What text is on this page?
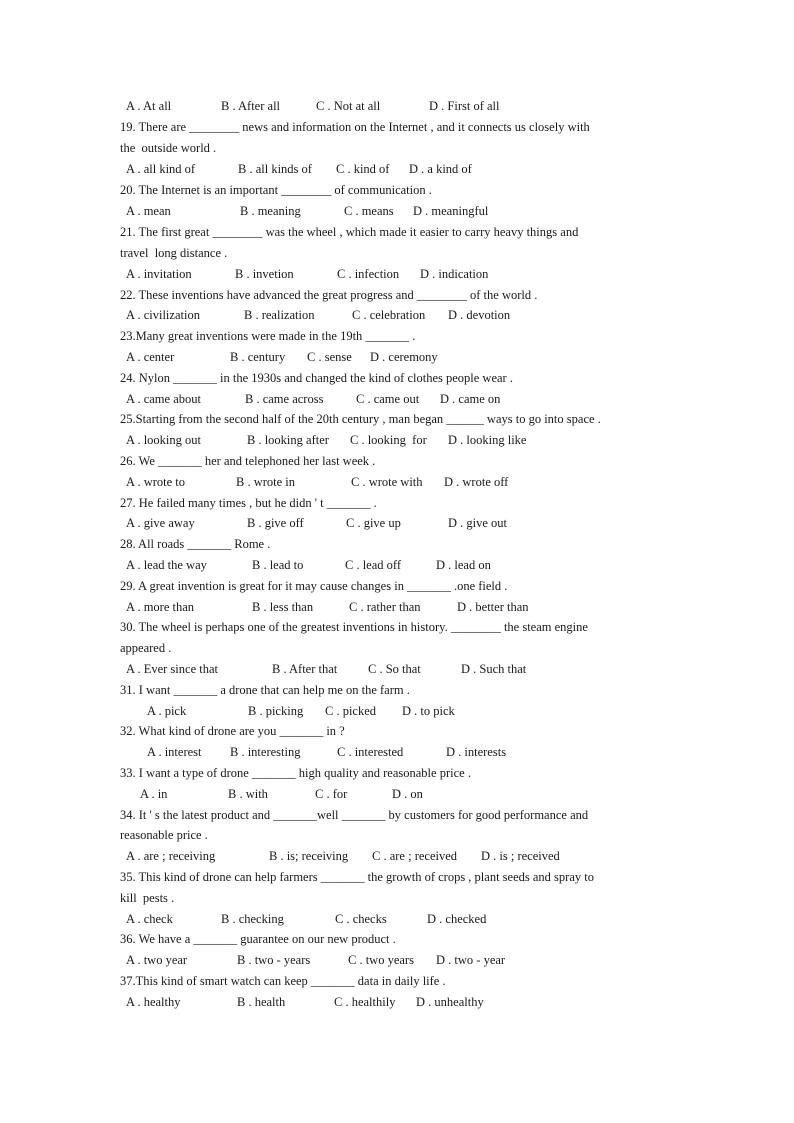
A . At all

	B . After all

	C . Not at all

	D . First of all

19. There are ________ news and information on the Internet , and it connects us closely with
the  outside world .

A . all kind of

	B . all kinds of

C . kind of

D . a kind of

20. The Internet is an important ________ of communication .

A . mean

	B . meaning

	C . means

D . meaningful

21. The first great ________ was the wheel , which made it easier to carry heavy things and
travel  long distance .

A . invitation

	B . invetion

	C . infection

D . indication

22. These inventions have advanced the great progress and ________ of the world .

A . civilization

	B . realization

	C . celebration

D . devotion

23.Many great inventions were made in the 19th _______ .

A . center

	B . century

C . sense

D . ceremony

24. Nylon _______ in the 1930s and changed the kind of clothes people wear .

A . came about

	B . came across

	C . came out

D . came on

25.Starting from the second half of the 20th century , man began ______ ways to go into space .

A . looking out

	B . looking after

C . looking  for

D . looking like

26. We _______ her and telephoned her last week .

A . wrote to

	B . wrote in

	C . wrote with

D . wrote off

27. He failed many times , but he didn ' t _______ .

A . give away

	B . give off

	C . give up

	D . give out

28. All roads _______ Rome .

A . lead the way

	B . lead to

	C . lead off

	D . lead on

29. A great invention is great for it may cause changes in _______ .one field .

A . more than

	B . less than

	C . rather than

	D . better than

30. The wheel is perhaps one of the greatest inventions in history. ________ the steam engine
appeared .

A . Ever since that

	B . After that

C . So that

	D . Such that

31. I want _______ a drone that can help me on the farm .

A . pick

	B . picking

C . picked

D . to pick

32. What kind of drone are you _______ in ?

A . interest

B . interesting

	C . interested

	D . interests

33. I want a type of drone _______ high quality and reasonable price .

A . in

	B . with

	C . for

	D . on

34. It ' s the latest product and _______well _______ by customers for good performance and
reasonable price .

A . are ; receiving

	B . is; receiving

C . are ; received

D . is ; received

35. This kind of drone can help farmers _______ the growth of crops , plant seeds and spray to
kill  pests .

A . check

	B . checking

	C . checks

	D . checked

36. We have a _______ guarantee on our new product .

A . two year

	B . two - years

	C . two years

D . two - year

37.This kind of smart watch can keep _______ data in daily life .

A . healthy

	B . health

	C . healthily

D . unhealthy
